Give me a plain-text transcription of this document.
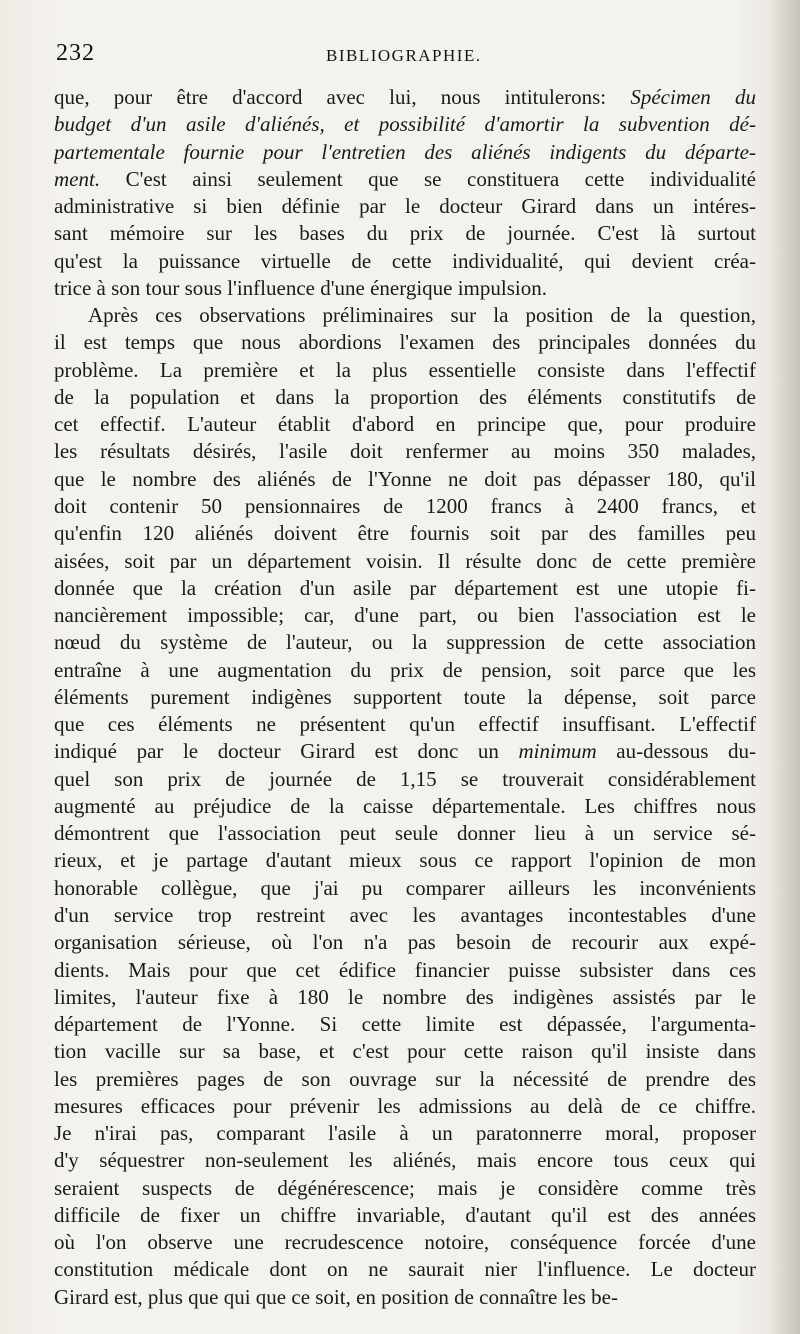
232	BIBLIOGRAPHIE.
que, pour être d'accord avec lui, nous intitulerons: Spécimen du
budget d'un asile d'aliénés, et possibilité d'amortir la subvention dé-
partementale fournie pour l'entretien des aliénés indigents du départe-
ment. C'est ainsi seulement que se constituera cette individualité
administrative si bien définie par le docteur Girard dans un intéres-
sant mémoire sur les bases du prix de journée. C'est là surtout
qu'est la puissance virtuelle de cette individualité, qui devient créa-
trice à son tour sous l'influence d'une énergique impulsion.
Après ces observations préliminaires sur la position de la question,
il est temps que nous abordions l'examen des principales données du
problème. La première et la plus essentielle consiste dans l'effectif
de la population et dans la proportion des éléments constitutifs de
cet effectif. L'auteur établit d'abord en principe que, pour produire
les résultats désirés, l'asile doit renfermer au moins 350 malades,
que le nombre des aliénés de l'Yonne ne doit pas dépasser 180, qu'il
doit contenir 50 pensionnaires de 1200 francs à 2400 francs, et
qu'enfin 120 aliénés doivent être fournis soit par des familles peu
aisées, soit par un département voisin. Il résulte donc de cette première
donnée que la création d'un asile par département est une utopie fi-
nancièrement impossible; car, d'une part, ou bien l'association est le
nœud du système de l'auteur, ou la suppression de cette association
entraîne à une augmentation du prix de pension, soit parce que les
éléments purement indigènes supportent toute la dépense, soit parce
que ces éléments ne présentent qu'un effectif insuffisant. L'effectif
indiqué par le docteur Girard est donc un minimum au-dessous du-
quel son prix de journée de 1,15 se trouverait considérablement
augmenté au préjudice de la caisse départementale. Les chiffres nous
démontrent que l'association peut seule donner lieu à un service sé-
rieux, et je partage d'autant mieux sous ce rapport l'opinion de mon
honorable collègue, que j'ai pu comparer ailleurs les inconvénients
d'un service trop restreint avec les avantages incontestables d'une
organisation sérieuse, où l'on n'a pas besoin de recourir aux expé-
dients. Mais pour que cet édifice financier puisse subsister dans ces
limites, l'auteur fixe à 180 le nombre des indigènes assistés par le
département de l'Yonne. Si cette limite est dépassée, l'argumenta-
tion vacille sur sa base, et c'est pour cette raison qu'il insiste dans
les premières pages de son ouvrage sur la nécessité de prendre des
mesures efficaces pour prévenir les admissions au delà de ce chiffre.
Je n'irai pas, comparant l'asile à un paratonnerre moral, proposer
d'y séquestrer non-seulement les aliénés, mais encore tous ceux qui
seraient suspects de dégénérescence; mais je considère comme très
difficile de fixer un chiffre invariable, d'autant qu'il est des années
où l'on observe une recrudescence notoire, conséquence forcée d'une
constitution médicale dont on ne saurait nier l'influence. Le docteur
Girard est, plus que qui que ce soit, en position de connaître les be-
